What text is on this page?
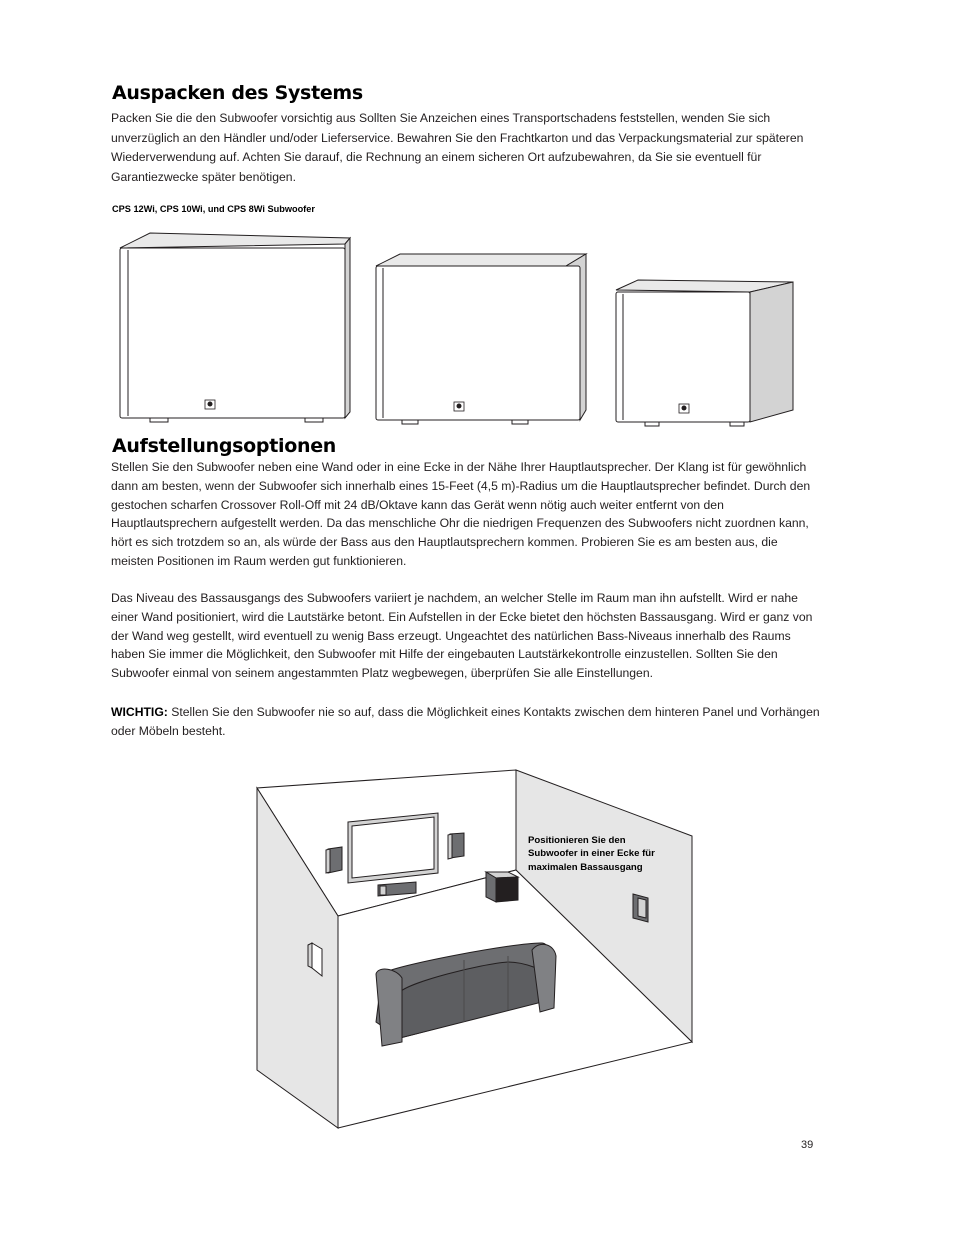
Auspacken des Systems

Packen Sie die den Subwoofer vorsichtig aus Sollten Sie Anzeichen eines Transportschadens feststellen, wenden Sie sich unverzüglich an den Händler und/oder Lieferservice. Bewahren Sie den Frachtkarton und das Verpackungsmaterial zur späteren Wiederverwendung auf. Achten Sie darauf, die Rechnung an einem sicheren Ort aufzubewahren, da Sie sie eventuell für Garantiezwecke später benötigen.

CPS 12Wi, CPS 10Wi, und CPS 8Wi Subwoofer
Aufstellungsoptionen

Stellen Sie den Subwoofer neben eine Wand oder in eine Ecke in der Nähe Ihrer Hauptlautsprecher. Der Klang ist für gewöhnlich dann am besten, wenn der Subwoofer sich innerhalb eines 15-Feet (4,5 m)-Radius um die Hauptlautsprecher befindet. Durch den gestochen scharfen Crossover Roll-Off mit 24 dB/Oktave kann das Gerät wenn nötig auch weiter entfernt von den Hauptlautsprechern aufgestellt werden. Da das menschliche Ohr die niedrigen Frequenzen des Subwoofers nicht zuordnen kann, hört es sich trotzdem so an, als würde der Bass aus den Hauptlautsprechern kommen. Probieren Sie es am besten aus, die meisten Positionen im Raum werden gut funktionieren.

Das Niveau des Bassausgangs des Subwoofers variiert je nachdem, an welcher Stelle im Raum man ihn aufstellt. Wird er nahe einer Wand positioniert, wird die Lautstärke betont. Ein Aufstellen in der Ecke bietet den höchsten Bassausgang. Wird er ganz von der Wand weg gestellt, wird eventuell zu wenig Bass erzeugt. Ungeachtet des natürlichen Bass-Niveaus innerhalb des Raums haben Sie immer die Möglichkeit, den Subwoofer mit Hilfe der eingebauten Lautstärkekontrolle einzustellen. Sollten Sie den Subwoofer einmal von seinem angestammten Platz wegbewegen, überprüfen Sie alle Einstellungen.

WICHTIG: Stellen Sie den Subwoofer nie so auf, dass die Möglichkeit eines Kontakts zwischen dem hinteren Panel und Vorhängen oder Möbeln besteht.

Positionieren Sie den Subwoofer in einer Ecke für maximalen Bassausgang
39
